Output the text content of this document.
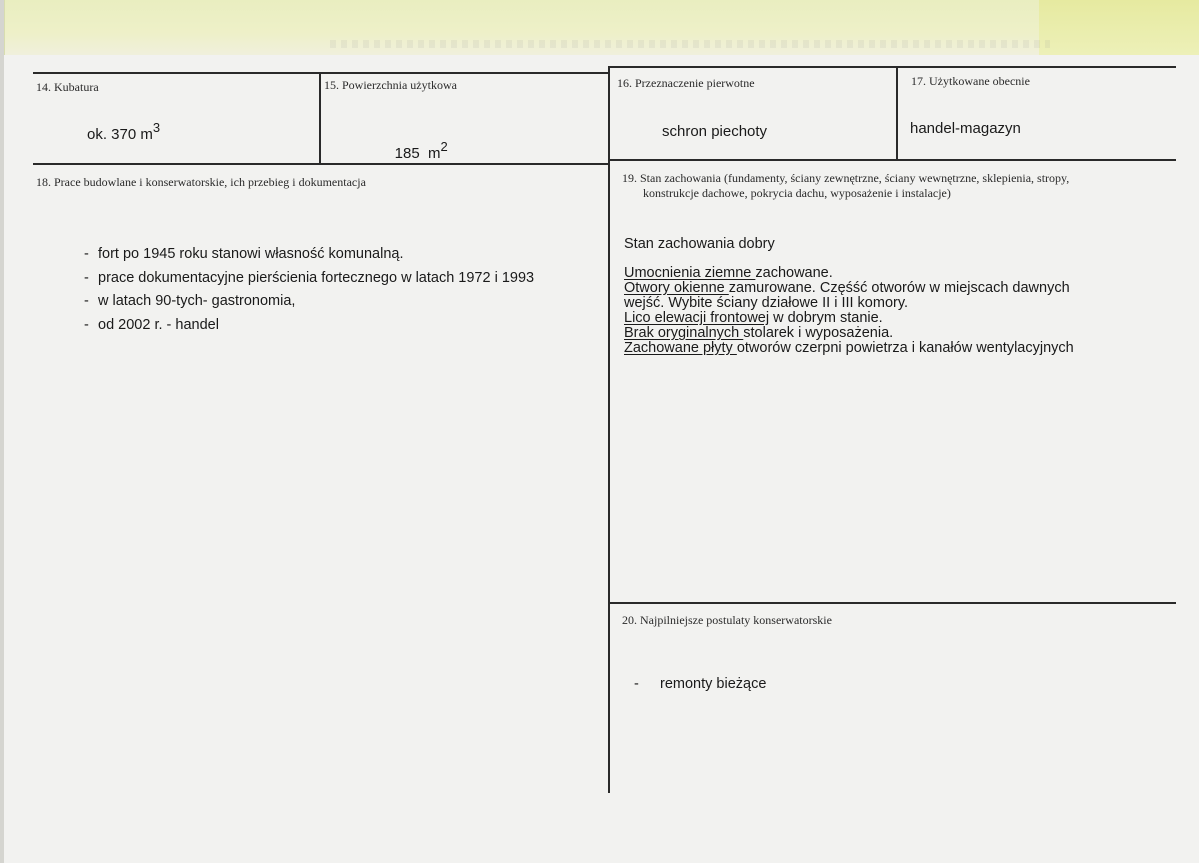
14. Kubatura
ok. 370 $m^3$
15. Powierzchnia użytkowa

185  $m^2$

16. Przeznaczenie pierwotne
schron piechoty
17. Użytkowane obecnie
handel-magazyn
18. Prace budowlane i konserwatorskie, ich przebieg i dokumentacja
- fort po 1945 roku stanowi własność komunalną.
- prace dokumentacyjne pierścienia fortecznego w latach 1972 i 1993
- w latach 90-tych- gastronomia,
- od 2002 r. - handel
19. Stan zachowania (fundamenty, ściany zewnętrzne, ściany wewnętrzne, sklepienia, stropy,
konstrukcje dachowe, pokrycia dachu, wyposażenie i instalacje)
Stan zachowania dobry
Umocnienia ziemne zachowane.
Otwory okienne zamurowane. Częśść otworów w miejscach dawnych
wejść. Wybite ściany działowe II i III komory.
Lico elewacji frontowej w dobrym stanie.
Brak oryginalnych stolarek i wyposażenia.
Zachowane płyty otworów czerpni powietrza i kanałów wentylacyjnych
20. Najpilniejsze postulaty konserwatorskie
- remonty bieżące
